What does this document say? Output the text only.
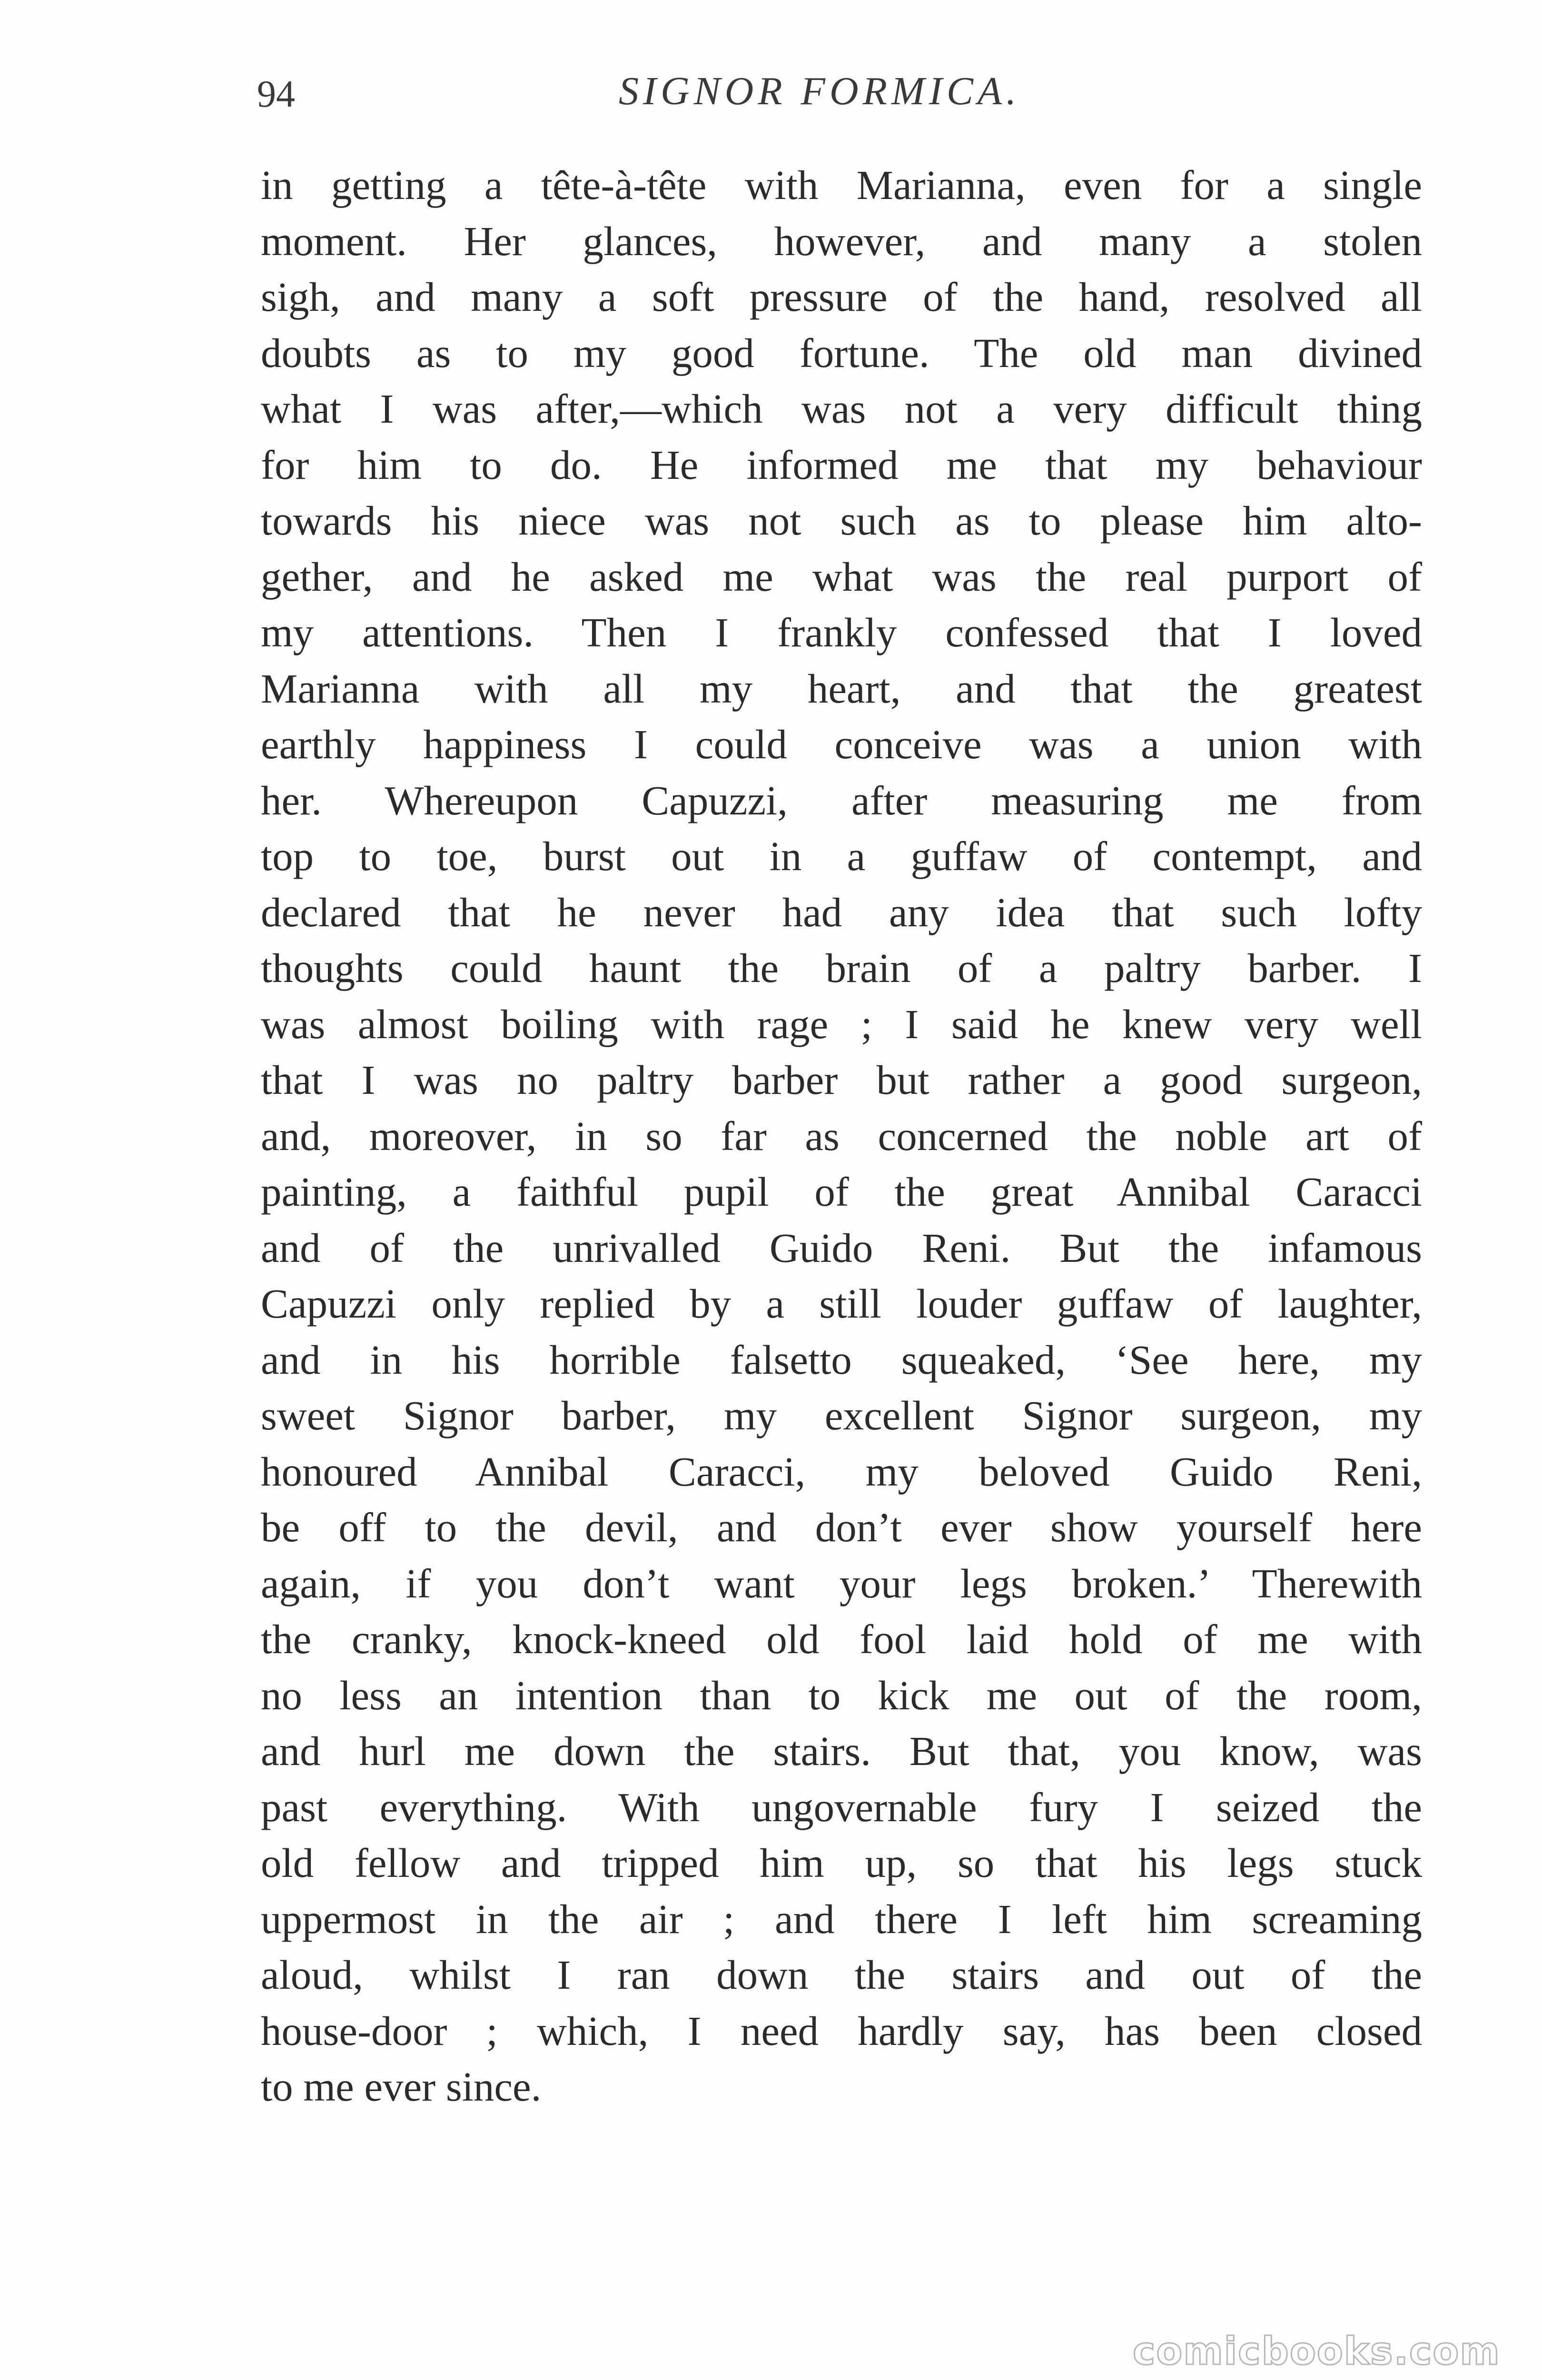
94	SIGNOR FORMICA.
in getting a tête-à-tête with Marianna, even for a single
moment. Her glances, however, and many a stolen
sigh, and many a soft pressure of the hand, resolved all
doubts as to my good fortune. The old man divined
what I was after,—which was not a very difficult thing
for him to do. He informed me that my behaviour
towards his niece was not such as to please him alto-
gether, and he asked me what was the real purport of
my attentions. Then I frankly confessed that I loved
Marianna with all my heart, and that the greatest
earthly happiness I could conceive was a union with
her. Whereupon Capuzzi, after measuring me from
top to toe, burst out in a guffaw of contempt, and
declared that he never had any idea that such lofty
thoughts could haunt the brain of a paltry barber. I
was almost boiling with rage ; I said he knew very well
that I was no paltry barber but rather a good surgeon,
and, moreover, in so far as concerned the noble art of
painting, a faithful pupil of the great Annibal Caracci
and of the unrivalled Guido Reni. But the infamous
Capuzzi only replied by a still louder guffaw of laughter,
and in his horrible falsetto squeaked, ‘See here, my
sweet Signor barber, my excellent Signor surgeon, my
honoured Annibal Caracci, my beloved Guido Reni,
be off to the devil, and don’t ever show yourself here
again, if you don’t want your legs broken.’ Therewith
the cranky, knock-kneed old fool laid hold of me with
no less an intention than to kick me out of the room,
and hurl me down the stairs. But that, you know, was
past everything. With ungovernable fury I seized the
old fellow and tripped him up, so that his legs stuck
uppermost in the air ; and there I left him screaming
aloud, whilst I ran down the stairs and out of the
house-door ; which, I need hardly say, has been closed
to me ever since.
comicbooks.com
